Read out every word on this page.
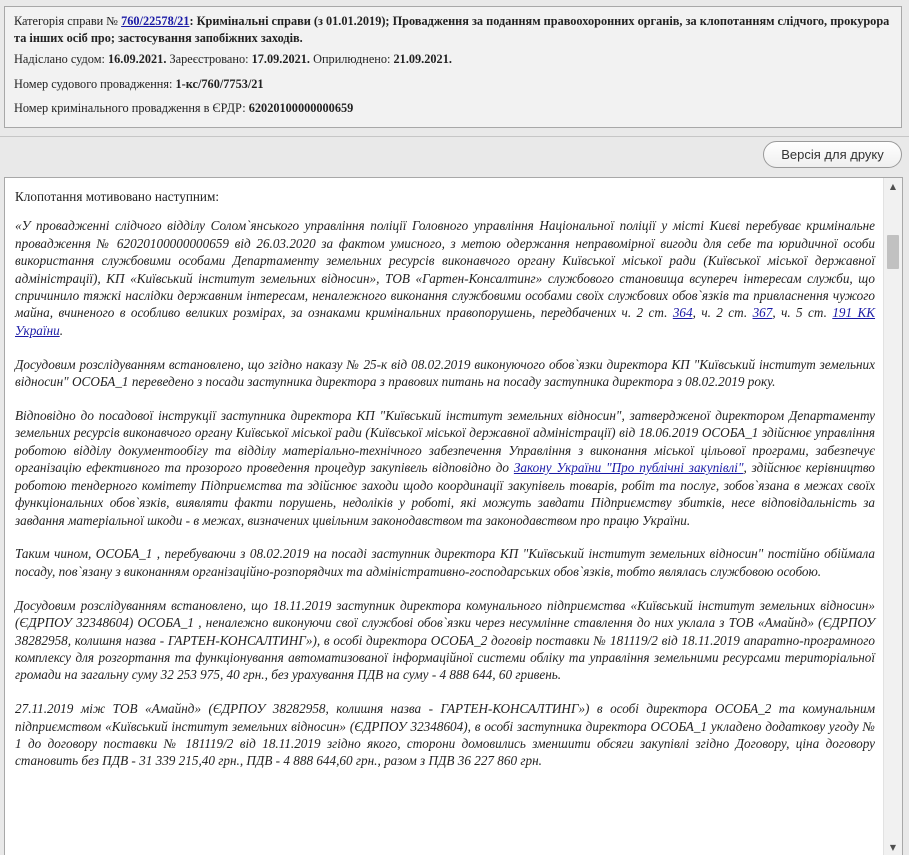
Категорія справи № 760/22578/21: Кримінальні справи (з 01.01.2019); Провадження за поданням правоохоронних органів, за клопотанням слідчого, прокурора та інших осіб про; застосування запобіжних заходів.
Надіслано судом: 16.09.2021. Зареєстровано: 17.09.2021. Оприлюднено: 21.09.2021.
Номер судового провадження: 1-кс/760/7753/21
Номер кримінального провадження в ЄРДР: 62020100000000659
Версія для друку
Клопотання мотивовано наступним:

«У провадженні слідчого відділу Солом`янського управління поліції Головного управління Національної поліції у місті Києві перебуває кримінальне провадження № 62020100000000659 від 26.03.2020 за фактом умисного, з метою одержання неправомірної вигоди для себе та юридичної особи використання службовими особами Департаменту земельних ресурсів виконавчого органу Київської міської ради (Київської міської державної адміністрації), КП «Київський інститут земельних відносин», ТОВ «Гартен-Консалтинг» службового становища всупереч інтересам служби, що спричинило тяжкі наслідки державним інтересам, неналежного виконання службовими особами своїх службових обов`язків та привласнення чужого майна, вчиненого в особливо великих розмірах, за ознаками кримінальних правопорушень, передбачених ч. 2 ст. 364, ч. 2 ст. 367, ч. 5 ст. 191 КК України.

Досудовим розслідуванням встановлено, що згідно наказу № 25-к від 08.02.2019 виконуючого обов`язки директора КП "Київський інститут земельних відносин" ОСОБА_1 переведено з посади заступника директора з правових питань на посаду заступника директора з 08.02.2019 року.

Відповідно до посадової інструкції заступника директора КП "Київський інститут земельних відносин", затвердженої директором Департаменту земельних ресурсів виконавчого органу Київської міської ради (Київської міської державної адміністрації) від 18.06.2019 ОСОБА_1 здійснює управління роботою відділу документообігу та відділу матеріально-технічного забезпечення Управління з виконання міської цільової програми, забезпечує організацію ефективного та прозорого проведення процедур закупівель відповідно до Закону України "Про публічні закупівлі", здійснює керівництво роботою тендерного комітету Підприємства та здійснює заходи щодо координації закупівель товарів, робіт та послуг, зобов`язана в межах своїх функціональних обов`язків, виявляти факти порушень, недоліків у роботі, які можуть завдати Підприємству збитків, несе відповідальність за завдання матеріальної шкоди - в межах, визначених цивільним законодавством та законодавством про працю України.

Таким чином, ОСОБА_1 , перебуваючи з 08.02.2019 на посаді заступник директора КП "Київський інститут земельних відносин" постійно обіймала посаду, пов`язану з виконанням організаційно-розпорядчих та адміністративно-господарських обов`язків, тобто являлась службовою особою.

Досудовим розслідуванням встановлено, що 18.11.2019 заступник директора комунального підприємства «Київський інститут земельних відносин» (ЄДРПОУ 32348604) ОСОБА_1 , неналежно виконуючи свої службові обов`язки через несумлінне ставлення до них уклала з ТОВ «Амайнд» (ЄДРПОУ 38282958, колишня назва - ГАРТЕН-КОНСАЛТИНГ»), в особі директора ОСОБА_2 договір поставки № 181119/2 від 18.11.2019 апаратно-програмного комплексу для розгортання та функціонування автоматизованої інформаційної системи обліку та управління земельними ресурсами територіальної громади на загальну суму 32 253 975, 40 грн., без урахування ПДВ на суму - 4 888 644, 60 гривень.

27.11.2019 між ТОВ «Амайнд» (ЄДРПОУ 38282958, колишня назва - ГАРТЕН-КОНСАЛТИНГ») в особі директора ОСОБА_2 та комунальним підприємством «Київський інститут земельних відносин» (ЄДРПОУ 32348604), в особі заступника директора ОСОБА_1 укладено додаткову угоду № 1 до договору поставки № 181119/2 від 18.11.2019 згідно якого, сторони домовились зменшити обсяги закупівлі згідно Договору, ціна договору становить без ПДВ - 31 339 215,40 грн., ПДВ - 4 888 644,60 грн., разом з ПДВ 36 227 860 грн.

▲
▼
